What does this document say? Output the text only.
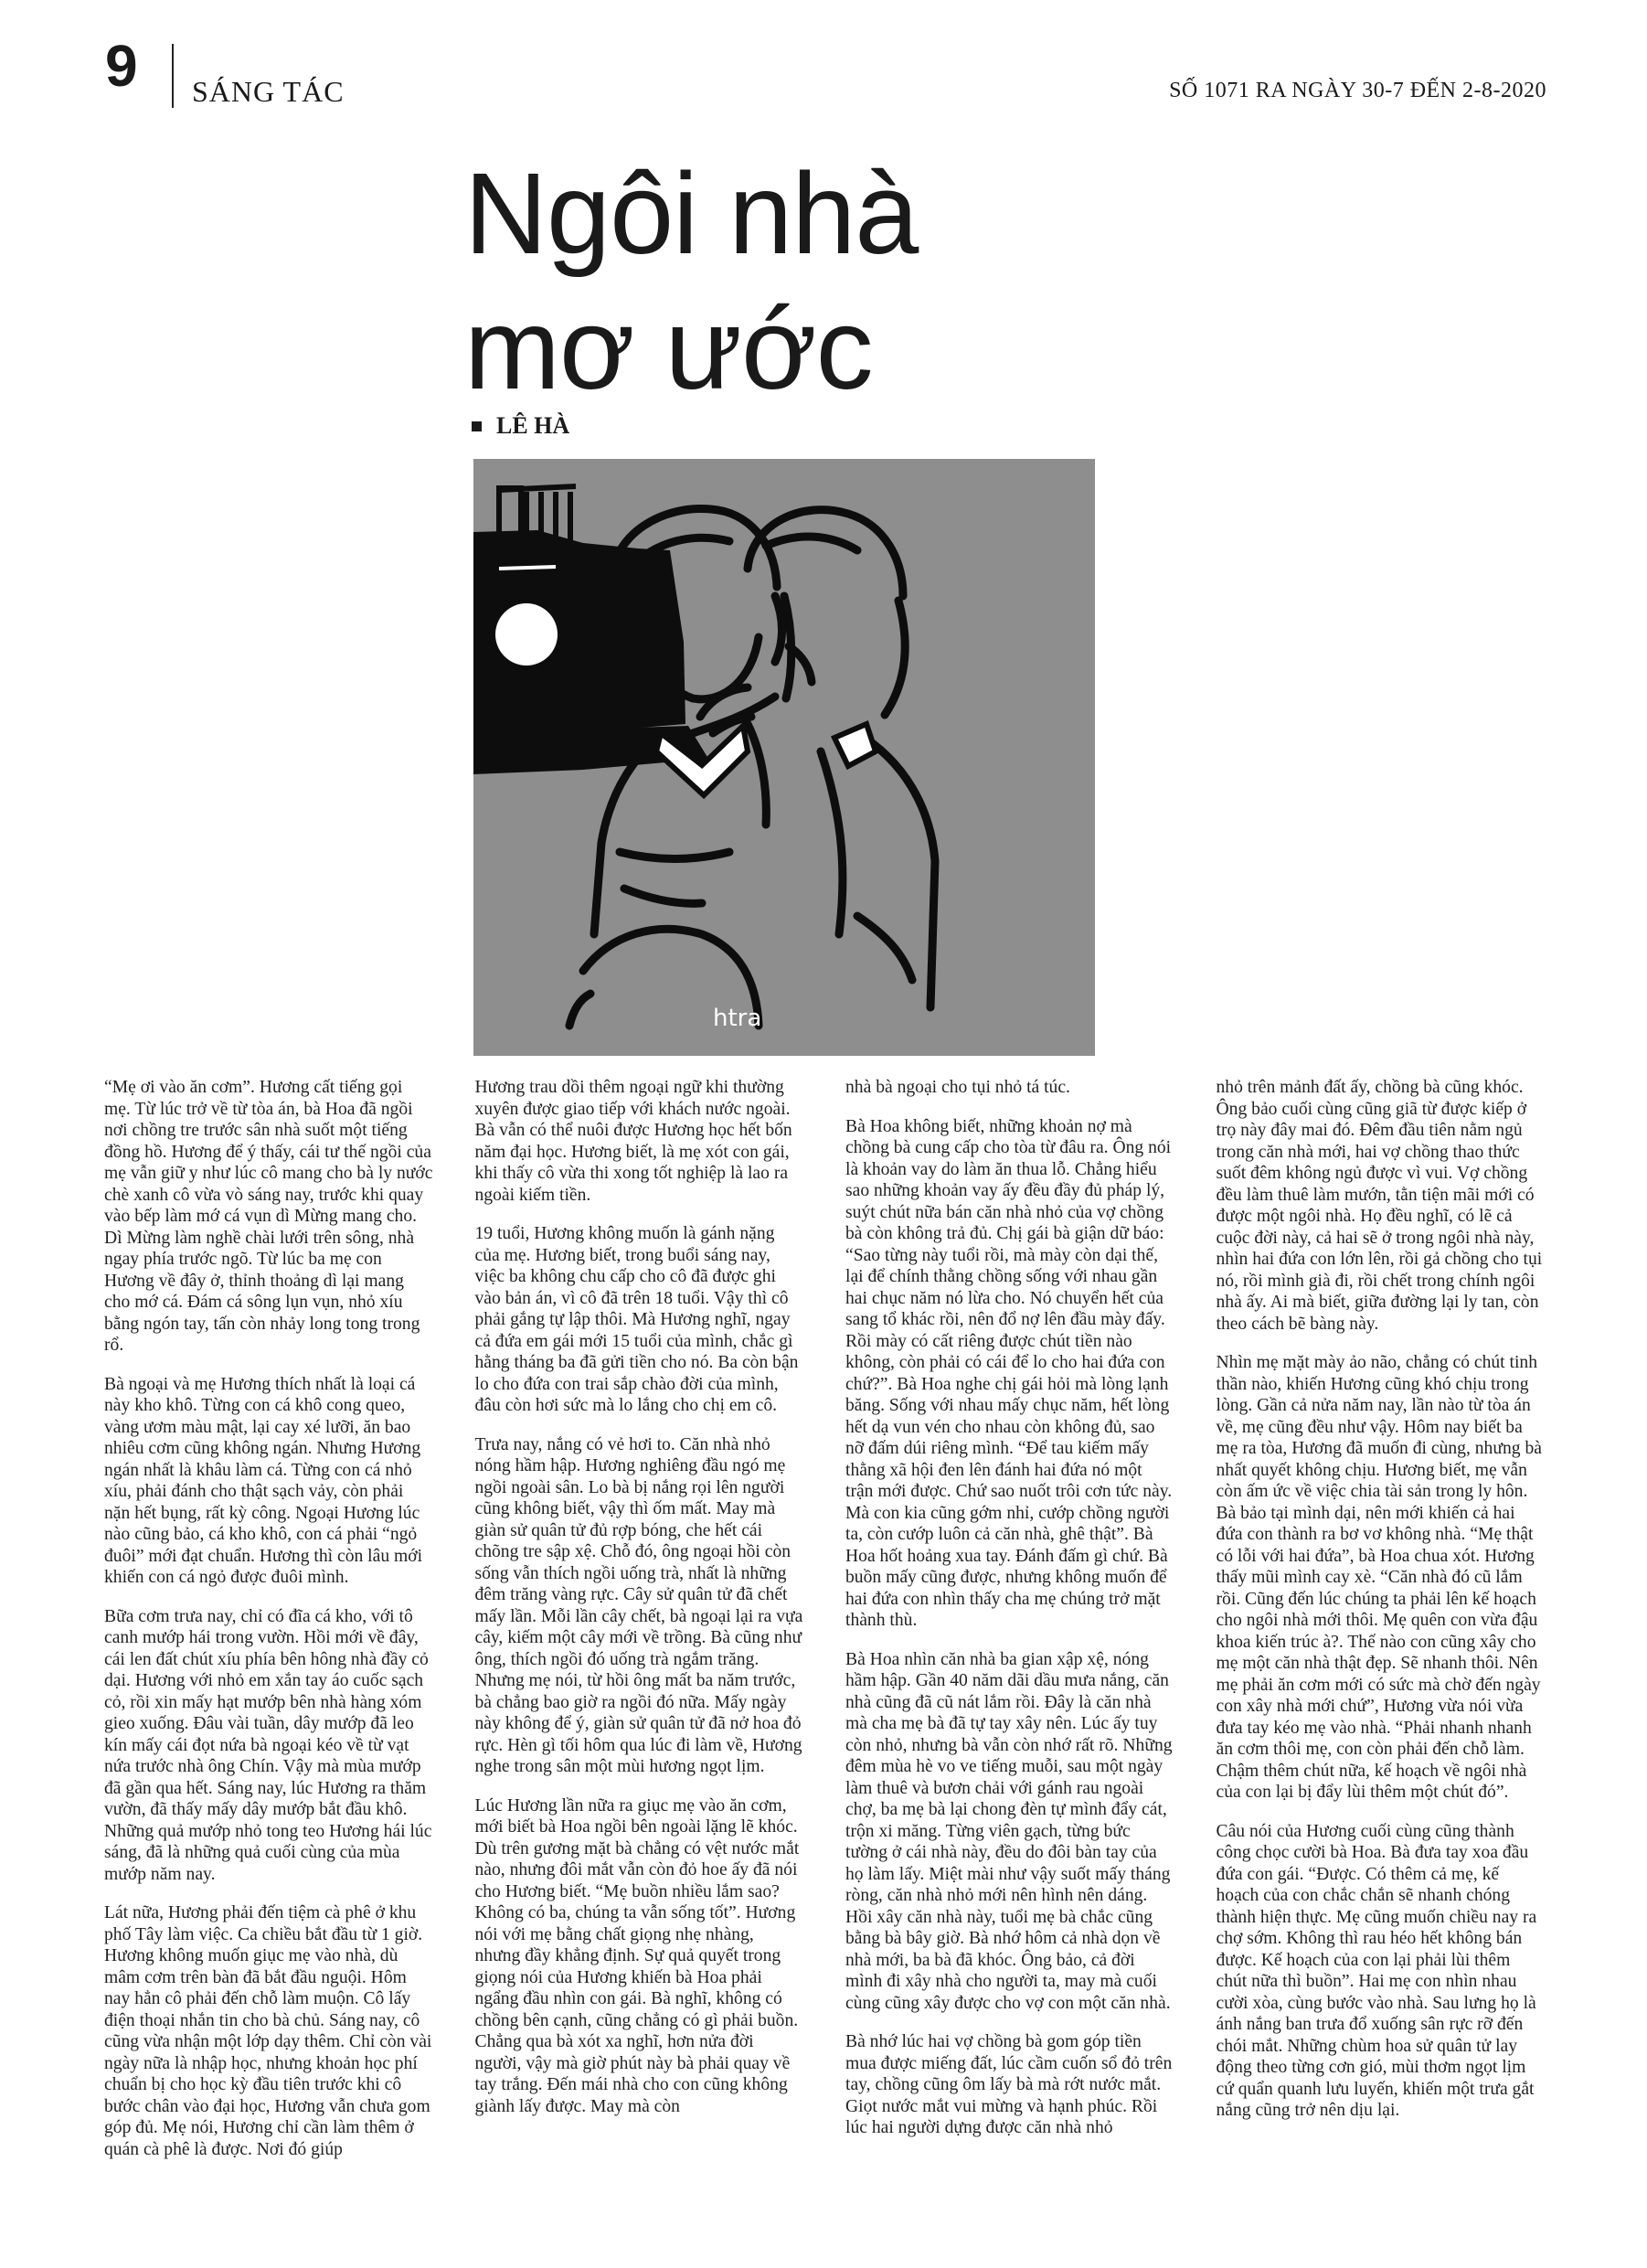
9 SÁNG TÁC	SỐ 1071 RA NGÀY 30-7 ĐẾN 2-8-2020
Ngôi nhà
mơ ước
LÊ HÀ
htra

“Mẹ ơi vào ăn cơm”. Hương cất tiếng gọi mẹ. Từ lúc trở về từ tòa án, bà Hoa đã ngồi nơi chồng tre trước sân nhà suốt một tiếng đồng hồ. Hương để ý thấy, cái tư thế ngồi của mẹ vẫn giữ y như lúc cô mang cho bà ly nước chè xanh cô vừa vò sáng nay, trước khi quay vào bếp làm mớ cá vụn dì Mừng mang cho. Dì Mừng làm nghề chài lưới trên sông, nhà ngay phía trước ngõ. Từ lúc ba mẹ con Hương về đây ở, thỉnh thoảng dì lại mang cho mớ cá. Đám cá sông lụn vụn, nhỏ xíu bằng ngón tay, tấn còn nhảy long tong trong rổ.

Bà ngoại và mẹ Hương thích nhất là loại cá này kho khô. Từng con cá khô cong queo, vàng ươm màu mật, lại cay xé lưỡi, ăn bao nhiêu cơm cũng không ngán. Nhưng Hương ngán nhất là khâu làm cá. Từng con cá nhỏ xíu, phải đánh cho thật sạch vảy, còn phải nặn hết bụng, rất kỳ công. Ngoại Hương lúc nào cũng bảo, cá kho khô, con cá phải “ngỏ đuôi” mới đạt chuẩn. Hương thì còn lâu mới khiến con cá ngỏ được đuôi mình.

Bữa cơm trưa nay, chỉ có đĩa cá kho, với tô canh mướp hái trong vườn. Hồi mới về đây, cái len đất chút xíu phía bên hông nhà đầy cỏ dại. Hương với nhỏ em xắn tay áo cuốc sạch cỏ, rồi xin mấy hạt mướp bên nhà hàng xóm gieo xuống. Đâu vài tuần, dây mướp đã leo kín mấy cái đọt nứa bà ngoại kéo về từ vạt nứa trước nhà ông Chín. Vậy mà mùa mướp đã gần qua hết. Sáng nay, lúc Hương ra thăm vườn, đã thấy mấy dây mướp bắt đầu khô. Những quả mướp nhỏ tong teo Hương hái lúc sáng, đã là những quả cuối cùng của mùa mướp năm nay.

Lát nữa, Hương phải đến tiệm cà phê ở khu phố Tây làm việc. Ca chiều bắt đầu từ 1 giờ. Hương không muốn giục mẹ vào nhà, dù mâm cơm trên bàn đã bắt đầu nguội. Hôm nay hẳn cô phải đến chỗ làm muộn. Cô lấy điện thoại nhắn tin cho bà chủ. Sáng nay, cô cũng vừa nhận một lớp dạy thêm. Chỉ còn vài ngày nữa là nhập học, nhưng khoản học phí chuẩn bị cho học kỳ đầu tiên trước khi cô bước chân vào đại học, Hương vẫn chưa gom góp đủ. Mẹ nói, Hương chỉ cần làm thêm ở quán cà phê là được. Nơi đó giúp

Hương trau dồi thêm ngoại ngữ khi thường xuyên được giao tiếp với khách nước ngoài. Bà vẫn có thể nuôi được Hương học hết bốn năm đại học. Hương biết, là mẹ xót con gái, khi thấy cô vừa thi xong tốt nghiệp là lao ra ngoài kiếm tiền.

19 tuổi, Hương không muốn là gánh nặng của mẹ. Hương biết, trong buổi sáng nay, việc ba không chu cấp cho cô đã được ghi vào bản án, vì cô đã trên 18 tuổi. Vậy thì cô phải gắng tự lập thôi. Mà Hương nghĩ, ngay cả đứa em gái mới 15 tuổi của mình, chắc gì hằng tháng ba đã gửi tiền cho nó. Ba còn bận lo cho đứa con trai sắp chào đời của mình, đâu còn hơi sức mà lo lắng cho chị em cô.

Trưa nay, nắng có vẻ hơi to. Căn nhà nhỏ nóng hầm hập. Hương nghiêng đầu ngó mẹ ngồi ngoài sân. Lo bà bị nắng rọi lên người cũng không biết, vậy thì ốm mất. May mà giàn sử quân tử đủ rợp bóng, che hết cái chõng tre sập xệ. Chỗ đó, ông ngoại hồi còn sống vẫn thích ngồi uống trà, nhất là những đêm trăng vàng rực. Cây sử quân tử đã chết mấy lần. Mỗi lần cây chết, bà ngoại lại ra vựa cây, kiếm một cây mới về trồng. Bà cũng như ông, thích ngồi đó uống trà ngắm trăng. Nhưng mẹ nói, từ hồi ông mất ba năm trước, bà chẳng bao giờ ra ngồi đó nữa. Mấy ngày này không để ý, giàn sử quân tử đã nở hoa đỏ rực. Hèn gì tối hôm qua lúc đi làm về, Hương nghe trong sân một mùi hương ngọt lịm.

Lúc Hương lần nữa ra giục mẹ vào ăn cơm, mới biết bà Hoa ngồi bên ngoài lặng lẽ khóc. Dù trên gương mặt bà chẳng có vệt nước mắt nào, nhưng đôi mắt vẫn còn đỏ hoe ấy đã nói cho Hương biết. “Mẹ buồn nhiều lắm sao? Không có ba, chúng ta vẫn sống tốt”. Hương nói với mẹ bằng chất giọng nhẹ nhàng, nhưng đầy khẳng định. Sự quả quyết trong giọng nói của Hương khiến bà Hoa phải ngẩng đầu nhìn con gái. Bà nghĩ, không có chồng bên cạnh, cũng chẳng có gì phải buồn. Chẳng qua bà xót xa nghĩ, hơn nửa đời người, vậy mà giờ phút này bà phải quay về tay trắng. Đến mái nhà cho con cũng không giành lấy được. May mà còn

nhà bà ngoại cho tụi nhỏ tá túc.

Bà Hoa không biết, những khoản nợ mà chồng bà cung cấp cho tòa từ đâu ra. Ông nói là khoản vay do làm ăn thua lỗ. Chẳng hiểu sao những khoản vay ấy đều đầy đủ pháp lý, suýt chút nữa bán căn nhà nhỏ của vợ chồng bà còn không trả đủ. Chị gái bà giận dữ báo: “Sao từng này tuổi rồi, mà mày còn dại thế, lại để chính thằng chồng sống với nhau gần hai chục năm nó lừa cho. Nó chuyển hết của sang tổ khác rồi, nên đổ nợ lên đầu mày đấy. Rồi mày có cất riêng được chút tiền nào không, còn phải có cái để lo cho hai đứa con chứ?”. Bà Hoa nghe chị gái hỏi mà lòng lạnh băng. Sống với nhau mấy chục năm, hết lòng hết dạ vun vén cho nhau còn không đủ, sao nỡ đấm dúi riêng mình. “Để tau kiếm mấy thằng xã hội đen lên đánh hai đứa nó một trận mới được. Chứ sao nuốt trôi cơn tức này. Mà con kia cũng gớm nhỉ, cướp chồng người ta, còn cướp luôn cả căn nhà, ghê thật”. Bà Hoa hốt hoảng xua tay. Đánh đấm gì chứ. Bà buồn mấy cũng được, nhưng không muốn để hai đứa con nhìn thấy cha mẹ chúng trở mặt thành thù.

Bà Hoa nhìn căn nhà ba gian xập xệ, nóng hầm hập. Gần 40 năm dãi dầu mưa nắng, căn nhà cũng đã cũ nát lắm rồi. Đây là căn nhà mà cha mẹ bà đã tự tay xây nên. Lúc ấy tuy còn nhỏ, nhưng bà vẫn còn nhớ rất rõ. Những đêm mùa hè vo ve tiếng muỗi, sau một ngày làm thuê và bươn chải với gánh rau ngoài chợ, ba mẹ bà lại chong đèn tự mình đẩy cát, trộn xi măng. Từng viên gạch, từng bức tường ở cái nhà này, đều do đôi bàn tay của họ làm lấy. Miệt mài như vậy suốt mấy tháng ròng, căn nhà nhỏ mới nên hình nên dáng. Hồi xây căn nhà này, tuổi mẹ bà chắc cũng bằng bà bây giờ. Bà nhớ hôm cả nhà dọn về nhà mới, ba bà đã khóc. Ông bảo, cả đời mình đi xây nhà cho người ta, may mà cuối cùng cũng xây được cho vợ con một căn nhà.

Bà nhớ lúc hai vợ chồng bà gom góp tiền mua được miếng đất, lúc cầm cuốn sổ đỏ trên tay, chồng cũng ôm lấy bà mà rớt nước mắt. Giọt nước mắt vui mừng và hạnh phúc. Rồi lúc hai người dựng được căn nhà nhỏ

nhỏ trên mảnh đất ấy, chồng bà cũng khóc. Ông bảo cuối cùng cũng giã từ được kiếp ở trọ này đây mai đó. Đêm đầu tiên nằm ngủ trong căn nhà mới, hai vợ chồng thao thức suốt đêm không ngủ được vì vui. Vợ chồng đều làm thuê làm mướn, tằn tiện mãi mới có được một ngôi nhà. Họ đều nghĩ, có lẽ cả cuộc đời này, cả hai sẽ ở trong ngôi nhà này, nhìn hai đứa con lớn lên, rồi gả chồng cho tụi nó, rồi mình già đi, rồi chết trong chính ngôi nhà ấy. Ai mà biết, giữa đường lại ly tan, còn theo cách bẽ bàng này.

Nhìn mẹ mặt mày ảo não, chẳng có chút tinh thần nào, khiến Hương cũng khó chịu trong lòng. Gần cả nửa năm nay, lần nào từ tòa án về, mẹ cũng đều như vậy. Hôm nay biết ba mẹ ra tòa, Hương đã muốn đi cùng, nhưng bà nhất quyết không chịu. Hương biết, mẹ vẫn còn ấm ức về việc chia tài sản trong ly hôn. Bà bảo tại mình dại, nên mới khiến cả hai đứa con thành ra bơ vơ không nhà. “Mẹ thật có lỗi với hai đứa”, bà Hoa chua xót. Hương thấy mũi mình cay xè. “Căn nhà đó cũ lắm rồi. Cũng đến lúc chúng ta phải lên kế hoạch cho ngôi nhà mới thôi. Mẹ quên con vừa đậu khoa kiến trúc à?. Thế nào con cũng xây cho mẹ một căn nhà thật đẹp. Sẽ nhanh thôi. Nên mẹ phải ăn cơm mới có sức mà chờ đến ngày con xây nhà mới chứ”, Hương vừa nói vừa đưa tay kéo mẹ vào nhà. “Phải nhanh nhanh ăn cơm thôi mẹ, con còn phải đến chỗ làm. Chậm thêm chút nữa, kế hoạch về ngôi nhà của con lại bị đẩy lùi thêm một chút đó”.

Câu nói của Hương cuối cùng cũng thành công chọc cười bà Hoa. Bà đưa tay xoa đầu đứa con gái. “Được. Có thêm cả mẹ, kế hoạch của con chắc chắn sẽ nhanh chóng thành hiện thực. Mẹ cũng muốn chiều nay ra chợ sớm. Không thì rau héo hết không bán được. Kế hoạch của con lại phải lùi thêm chút nữa thì buồn”. Hai mẹ con nhìn nhau cười xòa, cùng bước vào nhà. Sau lưng họ là ánh nắng ban trưa đổ xuống sân rực rỡ đến chói mắt. Những chùm hoa sử quân tử lay động theo từng cơn gió, mùi thơm ngọt lịm cứ quẩn quanh lưu luyến, khiến một trưa gắt nắng cũng trở nên dịu lại.
